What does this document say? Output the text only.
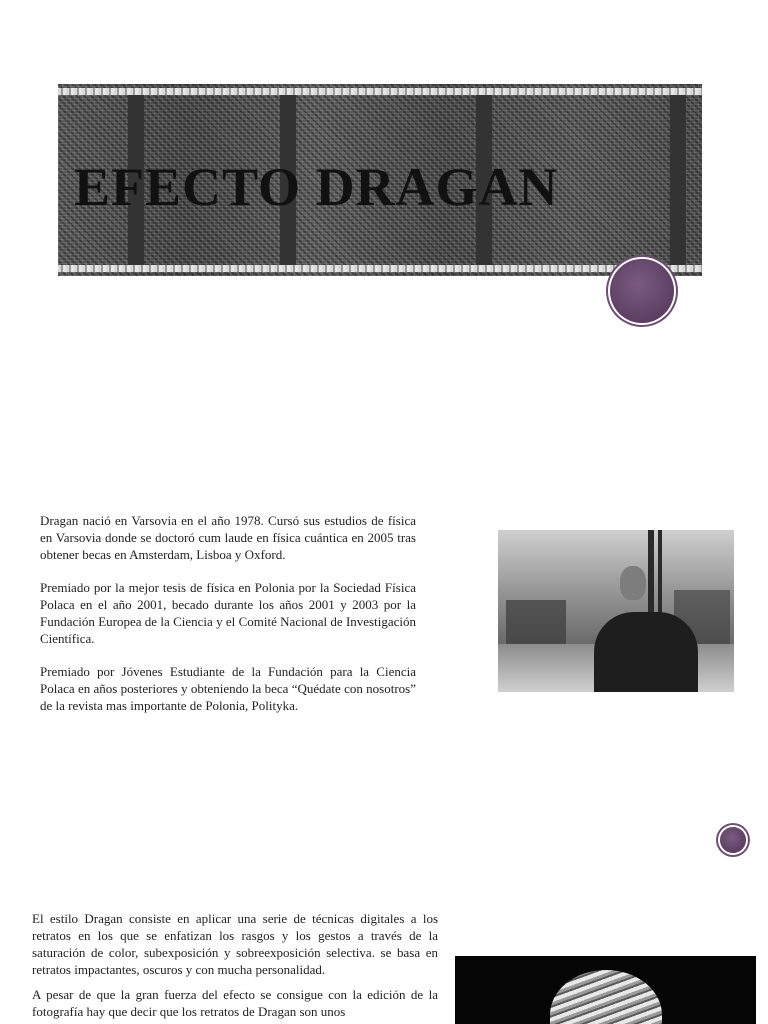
EFECTO DRAGAN

Dragan nació en Varsovia en el año 1978. Cursó sus estudios de física en Varsovia donde se doctoró cum laude en física cuántica en 2005 tras obtener becas en Amsterdam, Lisboa y Oxford.

Premiado por la mejor tesis de física en Polonia por la Sociedad Física Polaca en el año 2001, becado durante los años 2001 y 2003 por la Fundación Europea de la Ciencia y el Comité Nacional de Investigación Científica.

Premiado por Jóvenes Estudiante de la Fundación para la Ciencia Polaca en años posteriores y obteniendo la beca “Quédate con nosotros” de la revista mas importante de Polonia, Polityka.

El estilo Dragan consiste en aplicar una serie de técnicas digitales a los retratos en los que se enfatizan los rasgos y los gestos a través de la saturación de color, subexposición y sobreexposición selectiva. se basa en retratos impactantes, oscuros y con mucha personalidad.

A pesar de que la gran fuerza del efecto se consigue con la edición de la fotografía hay que decir que los retratos de Dragan son unos
